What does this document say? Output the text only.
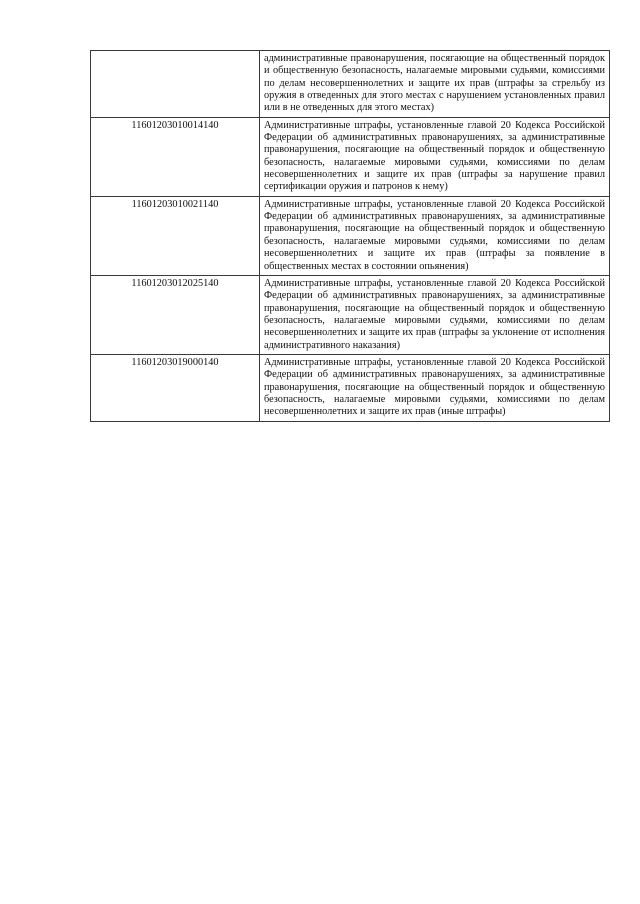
	административные правонарушения, посягающие на общественный порядок и общественную безопасность, налагаемые мировыми судьями, комиссиями по делам несовершеннолетних и защите их прав (штрафы за стрельбу из оружия в отведенных для этого местах с нарушением установленных правил или в не отведенных для этого местах)
11601203010014140	Административные штрафы, установленные главой 20 Кодекса Российской Федерации об административных правонарушениях, за административные правонарушения, посягающие на общественный порядок и общественную безопасность, налагаемые мировыми судьями, комиссиями по делам несовершеннолетних и защите их прав (штрафы за нарушение правил сертификации оружия и патронов к нему)
11601203010021140	Административные штрафы, установленные главой 20 Кодекса Российской Федерации об административных правонарушениях, за административные правонарушения, посягающие на общественный порядок и общественную безопасность, налагаемые мировыми судьями, комиссиями по делам несовершеннолетних и защите их прав (штрафы за появление в общественных местах в состоянии опьянения)
11601203012025140	Административные штрафы, установленные главой 20 Кодекса Российской Федерации об административных правонарушениях, за административные правонарушения, посягающие на общественный порядок и общественную безопасность, налагаемые мировыми судьями, комиссиями по делам несовершеннолетних и защите их прав (штрафы за уклонение от исполнения административного наказания)
11601203019000140	Административные штрафы, установленные главой 20 Кодекса Российской Федерации об административных правонарушениях, за административные правонарушения, посягающие на общественный порядок и общественную безопасность, налагаемые мировыми судьями, комиссиями по делам несовершеннолетних и защите их прав (иные штрафы)
